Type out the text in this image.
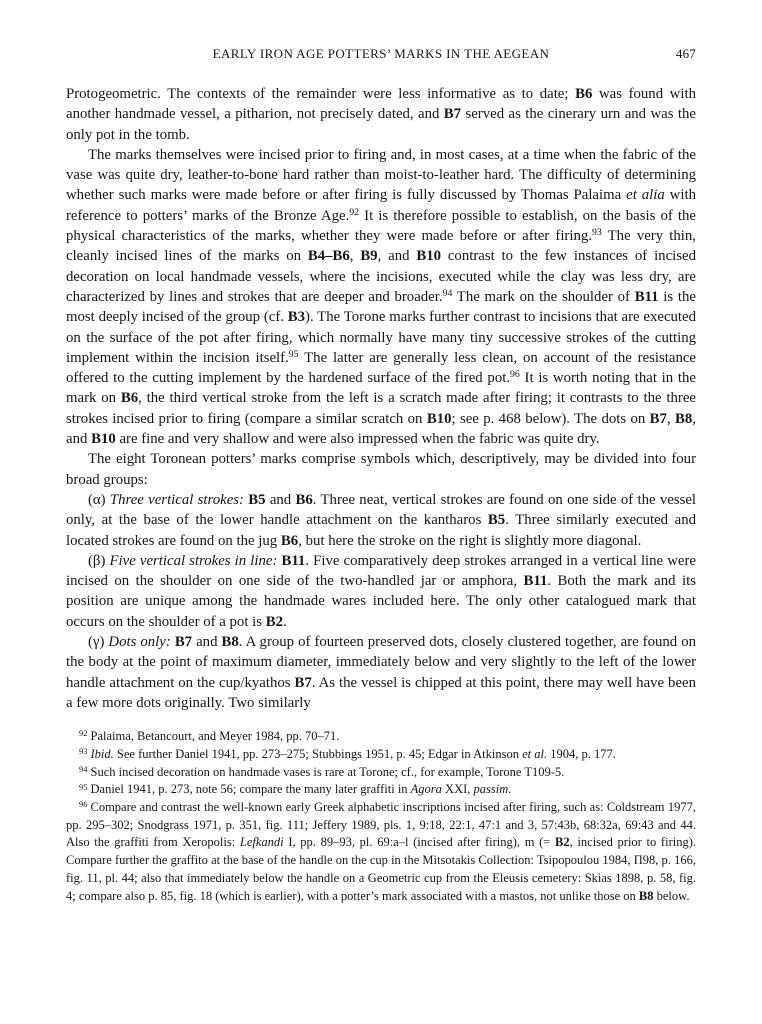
EARLY IRON AGE POTTERS’ MARKS IN THE AEGEAN	467

Protogeometric. The contexts of the remainder were less informative as to date; B6 was found with another handmade vessel, a pitharion, not precisely dated, and B7 served as the cinerary urn and was the only pot in the tomb.

The marks themselves were incised prior to firing and, in most cases, at a time when the fabric of the vase was quite dry, leather-to-bone hard rather than moist-to-leather hard. The difficulty of determining whether such marks were made before or after firing is fully discussed by Thomas Palaima et alia with reference to potters’ marks of the Bronze Age.$^{92}$ It is therefore possible to establish, on the basis of the physical characteristics of the marks, whether they were made before or after firing.$^{93}$ The very thin, cleanly incised lines of the marks on B4–B6, B9, and B10 contrast to the few instances of incised decoration on local handmade vessels, where the incisions, executed while the clay was less dry, are characterized by lines and strokes that are deeper and broader.$^{94}$ The mark on the shoulder of B11 is the most deeply incised of the group (cf. B3). The Torone marks further contrast to incisions that are executed on the surface of the pot after firing, which normally have many tiny successive strokes of the cutting implement within the incision itself.$^{95}$ The latter are generally less clean, on account of the resistance offered to the cutting implement by the hardened surface of the fired pot.$^{96}$ It is worth noting that in the mark on B6, the third vertical stroke from the left is a scratch made after firing; it contrasts to the three strokes incised prior to firing (compare a similar scratch on B10; see p. 468 below). The dots on B7, B8, and B10 are fine and very shallow and were also impressed when the fabric was quite dry.

The eight Toronean potters’ marks comprise symbols which, descriptively, may be divided into four broad groups:

(α) Three vertical strokes: B5 and B6. Three neat, vertical strokes are found on one side of the vessel only, at the base of the lower handle attachment on the kantharos B5. Three similarly executed and located strokes are found on the jug B6, but here the stroke on the right is slightly more diagonal.

(β) Five vertical strokes in line: B11. Five comparatively deep strokes arranged in a vertical line were incised on the shoulder on one side of the two-handled jar or amphora, B11. Both the mark and its position are unique among the handmade wares included here. The only other catalogued mark that occurs on the shoulder of a pot is B2.

(γ) Dots only: B7 and B8. A group of fourteen preserved dots, closely clustered together, are found on the body at the point of maximum diameter, immediately below and very slightly to the left of the lower handle attachment on the cup/kyathos B7. As the vessel is chipped at this point, there may well have been a few more dots originally. Two similarly

$^{92}$ Palaima, Betancourt, and Meyer 1984, pp. 70–71.

$^{93}$ Ibid. See further Daniel 1941, pp. 273–275; Stubbings 1951, p. 45; Edgar in Atkinson et al. 1904, p. 177.

$^{94}$ Such incised decoration on handmade vases is rare at Torone; cf., for example, Torone T109-5.

$^{95}$ Daniel 1941, p. 273, note 56; compare the many later graffiti in Agora XXI, passim.

$^{96}$ Compare and contrast the well-known early Greek alphabetic inscriptions incised after firing, such as: Coldstream 1977, pp. 295–302; Snodgrass 1971, p. 351, fig. 111; Jeffery 1989, pls. 1, 9:18, 22:1, 47:1 and 3, 57:43b, 68:32a, 69:43 and 44. Also the graffiti from Xeropolis: Lefkandi I, pp. 89–93, pl. 69:a–l (incised after firing), m (= B2, incised prior to firing). Compare further the graffito at the base of the handle on the cup in the Mitsotakis Collection: Tsipopoulou 1984, Π98, p. 166, fig. 11, pl. 44; also that immediately below the handle on a Geometric cup from the Eleusis cemetery: Skias 1898, p. 58, fig. 4; compare also p. 85, fig. 18 (which is earlier), with a potter’s mark associated with a mastos, not unlike those on B8 below.
